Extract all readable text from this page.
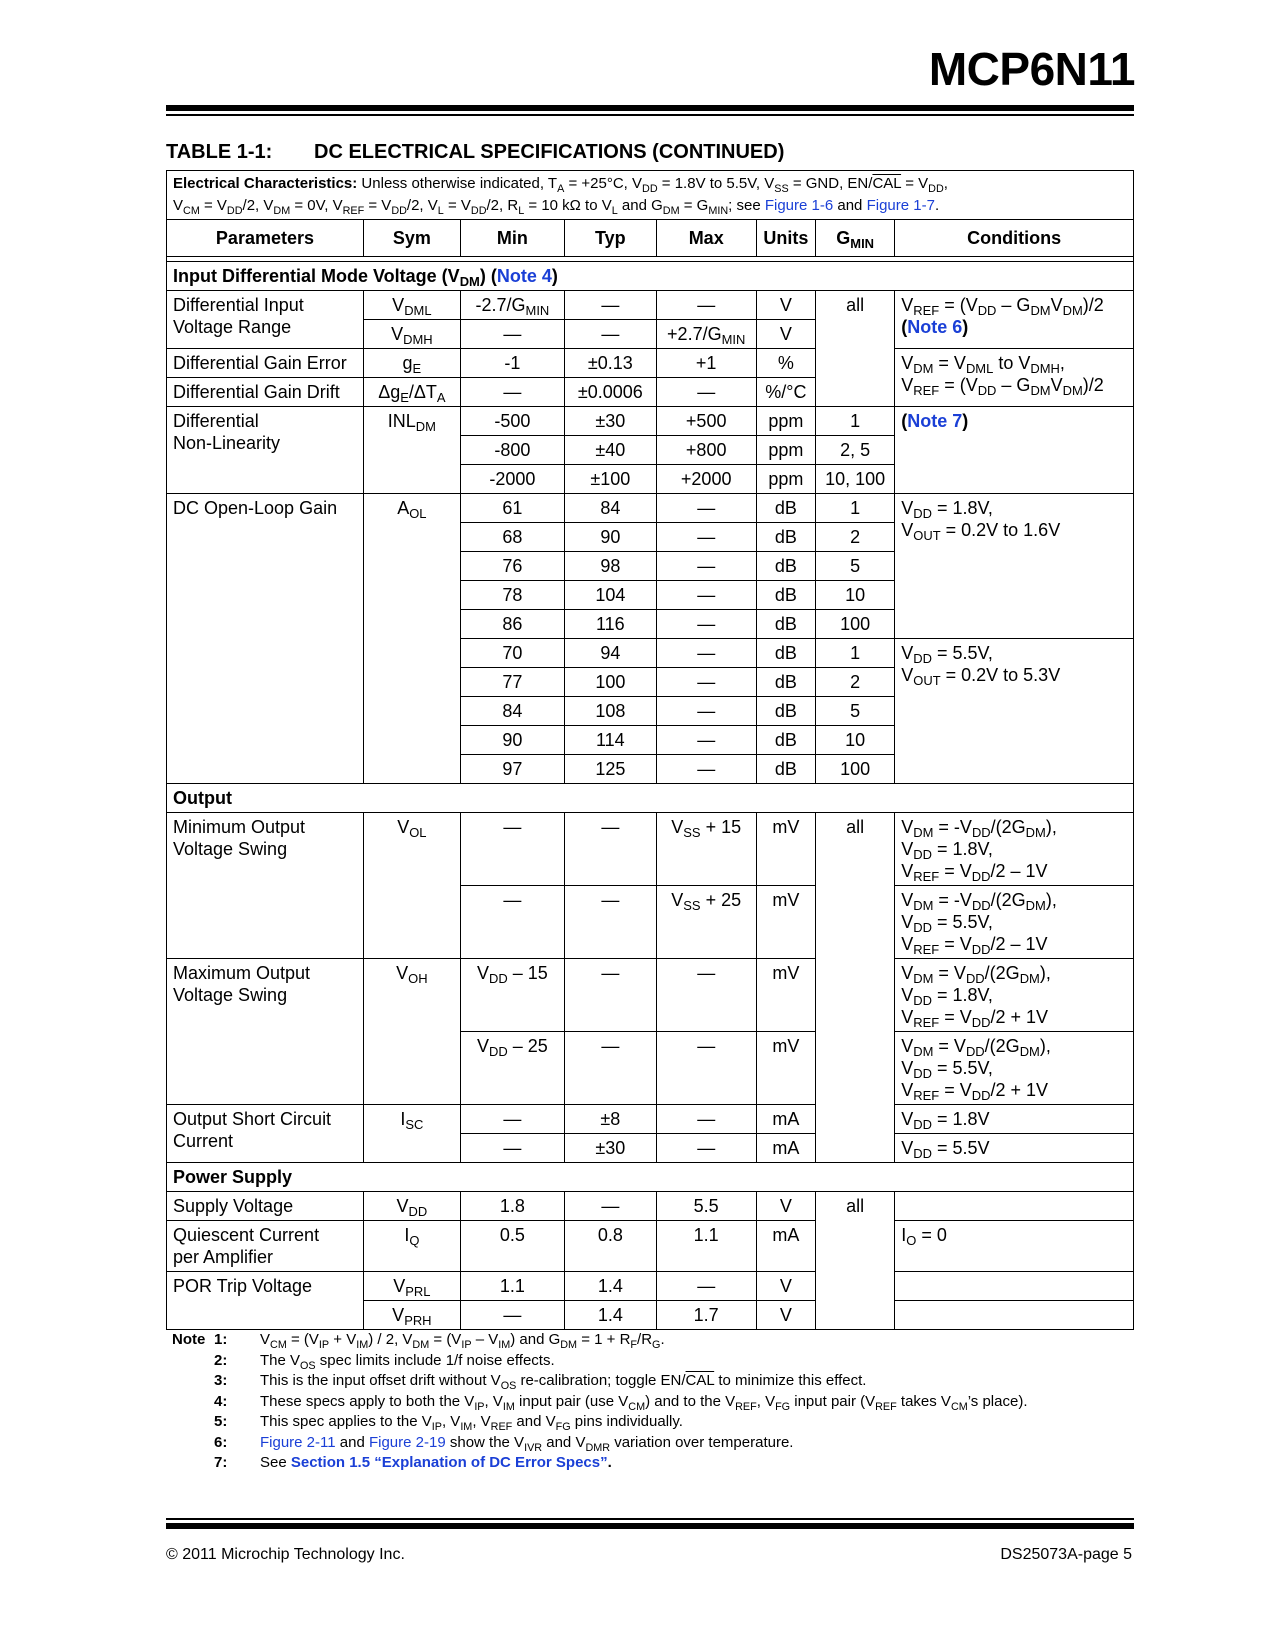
MCP6N11
TABLE 1-1: DC ELECTRICAL SPECIFICATIONS (CONTINUED)
Electrical Characteristics: Unless otherwise indicated, $T_A = +25^\circ C$, $V_{DD} = 1.8V$ to 5.5V, $V_{SS}$ = GND, $EN/\overline{CAL} = V_{DD}$,
$V_{CM} = V_{DD}/2$, $V_{DM} = 0V$, $V_{REF} = V_{DD}/2$, $V_L = V_{DD}/2$, $R_L = 10$ kΩ to $V_L$ and $G_{DM} = G_{MIN}$; see Figure 1-6 and Figure 1-7.							
Parameters	Sym	Min	Typ	Max	Units	$G_{MIN}$	Conditions

Input Differential Mode Voltage $(V_{DM})$ (Note 4)							
Differential Input
Voltage Range	$V_{DML}$	$-2.7/G_{MIN}$	—	—	V	all	$V_{REF} = (V_{DD} - G_{DM}V_{DM})/2$
(Note 6)
	$V_{DMH}$	—	—	$+2.7/G_{MIN}$	V		
Differential Gain Error	$g_E$	-1	±0.13	+1	%		$V_{DM} = V_{DML}$ to $V_{DMH}$,
$V_{REF} = (V_{DD} - G_{DM}V_{DM})/2$
Differential Gain Drift	$\Delta g_E/\Delta T_A$	—	±0.0006	—	%/°C		
Differential
Non-Linearity	$INL_{DM}$	-500	±30	+500	ppm	1	(Note 7)
		-800	±40	+800	ppm	2, 5	
		-2000	±100	+2000	ppm	10, 100	
DC Open-Loop Gain	$A_{OL}$	61	84	—	dB	1	$V_{DD} = 1.8V$,
$V_{OUT} = 0.2V$ to 1.6V
		68	90	—	dB	2	
		76	98	—	dB	5	
		78	104	—	dB	10	
		86	116	—	dB	100	
		70	94	—	dB	1	$V_{DD} = 5.5V$,
$V_{OUT} = 0.2V$ to 5.3V
		77	100	—	dB	2	
		84	108	—	dB	5	
		90	114	—	dB	10	
		97	125	—	dB	100	
Output							
Minimum Output
Voltage Swing	$V_{OL}$	—	—	$V_{SS} + 15$	mV	all	$V_{DM} = -V_{DD}/(2G_{DM})$,
$V_{DD} = 1.8V$,
$V_{REF} = V_{DD}/2 - 1V$
		—	—	$V_{SS} + 25$	mV		$V_{DM} = -V_{DD}/(2G_{DM})$,
$V_{DD} = 5.5V$,
$V_{REF} = V_{DD}/2 - 1V$
Maximum Output
Voltage Swing	$V_{OH}$	$V_{DD} - 15$	—	—	mV		$V_{DM} = V_{DD}/(2G_{DM})$,
$V_{DD} = 1.8V$,
$V_{REF} = V_{DD}/2 + 1V$
		$V_{DD} - 25$	—	—	mV		$V_{DM} = V_{DD}/(2G_{DM})$,
$V_{DD} = 5.5V$,
$V_{REF} = V_{DD}/2 + 1V$
Output Short Circuit
Current	$I_{SC}$	—	±8	—	mA		$V_{DD} = 1.8V$
		—	±30	—	mA		$V_{DD} = 5.5V$
Power Supply							
Supply Voltage	$V_{DD}$	1.8	—	5.5	V	all	
Quiescent Current
per Amplifier	$I_Q$	0.5	0.8	1.1	mA		$I_O = 0$
POR Trip Voltage	$V_{PRL}$	1.1	1.4	—	V		
	$V_{PRH}$	—	1.4	1.7	V		
Note 1:	$V_{CM} = (V_{IP} + V_{IM}) / 2$, $V_{DM} = (V_{IP} - V_{IM})$ and $G_{DM} = 1 + R_F/R_G$.
2:	The $V_{OS}$ spec limits include 1/f noise effects.
3:	This is the input offset drift without $V_{OS}$ re-calibration; toggle $EN/\overline{CAL}$ to minimize this effect.
4:	These specs apply to both the $V_{IP}$, $V_{IM}$ input pair (use $V_{CM}$) and to the $V_{REF}$, $V_{FG}$ input pair ($V_{REF}$ takes $V_{CM}’s$ place).
5:	This spec applies to the $V_{IP}$, $V_{IM}$, $V_{REF}$ and $V_{FG}$ pins individually.
6:	Figure 2-11 and Figure 2-19 show the $V_{IVR}$ and $V_{DMR}$ variation over temperature.
7:	See Section 1.5 “Explanation of DC Error Specs”.
© 2011 Microchip Technology Inc.	DS25073A-page 5
